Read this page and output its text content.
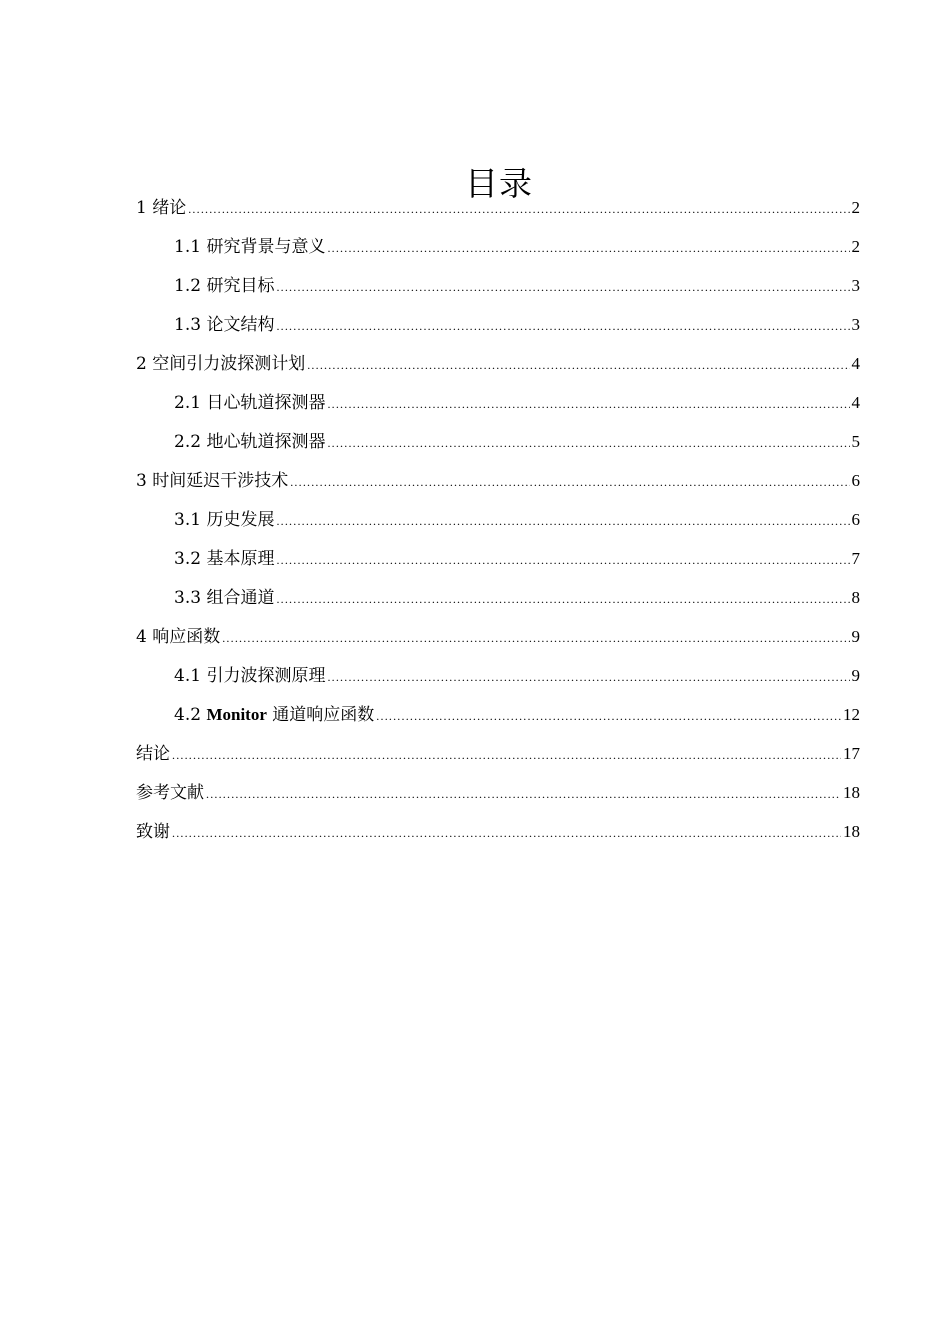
目录
1 绪论 .....	2
1.1 研究背景与意义 .....	2
1.2 研究目标 .....	3
1.3 论文结构 .....	3
2 空间引力波探测计划 .....	4
2.1 日心轨道探测器 .....	4
2.2 地心轨道探测器 .....	5
3 时间延迟干涉技术 .....	6
3.1 历史发展 .....	6
3.2 基本原理 .....	7
3.3 组合通道 .....	8
4 响应函数 .....	9
4.1 引力波探测原理 .....	9
4.2 Monitor 通道响应函数 .....	12
结论 .....	17
参考文献 .....	18
致谢 .....	18
